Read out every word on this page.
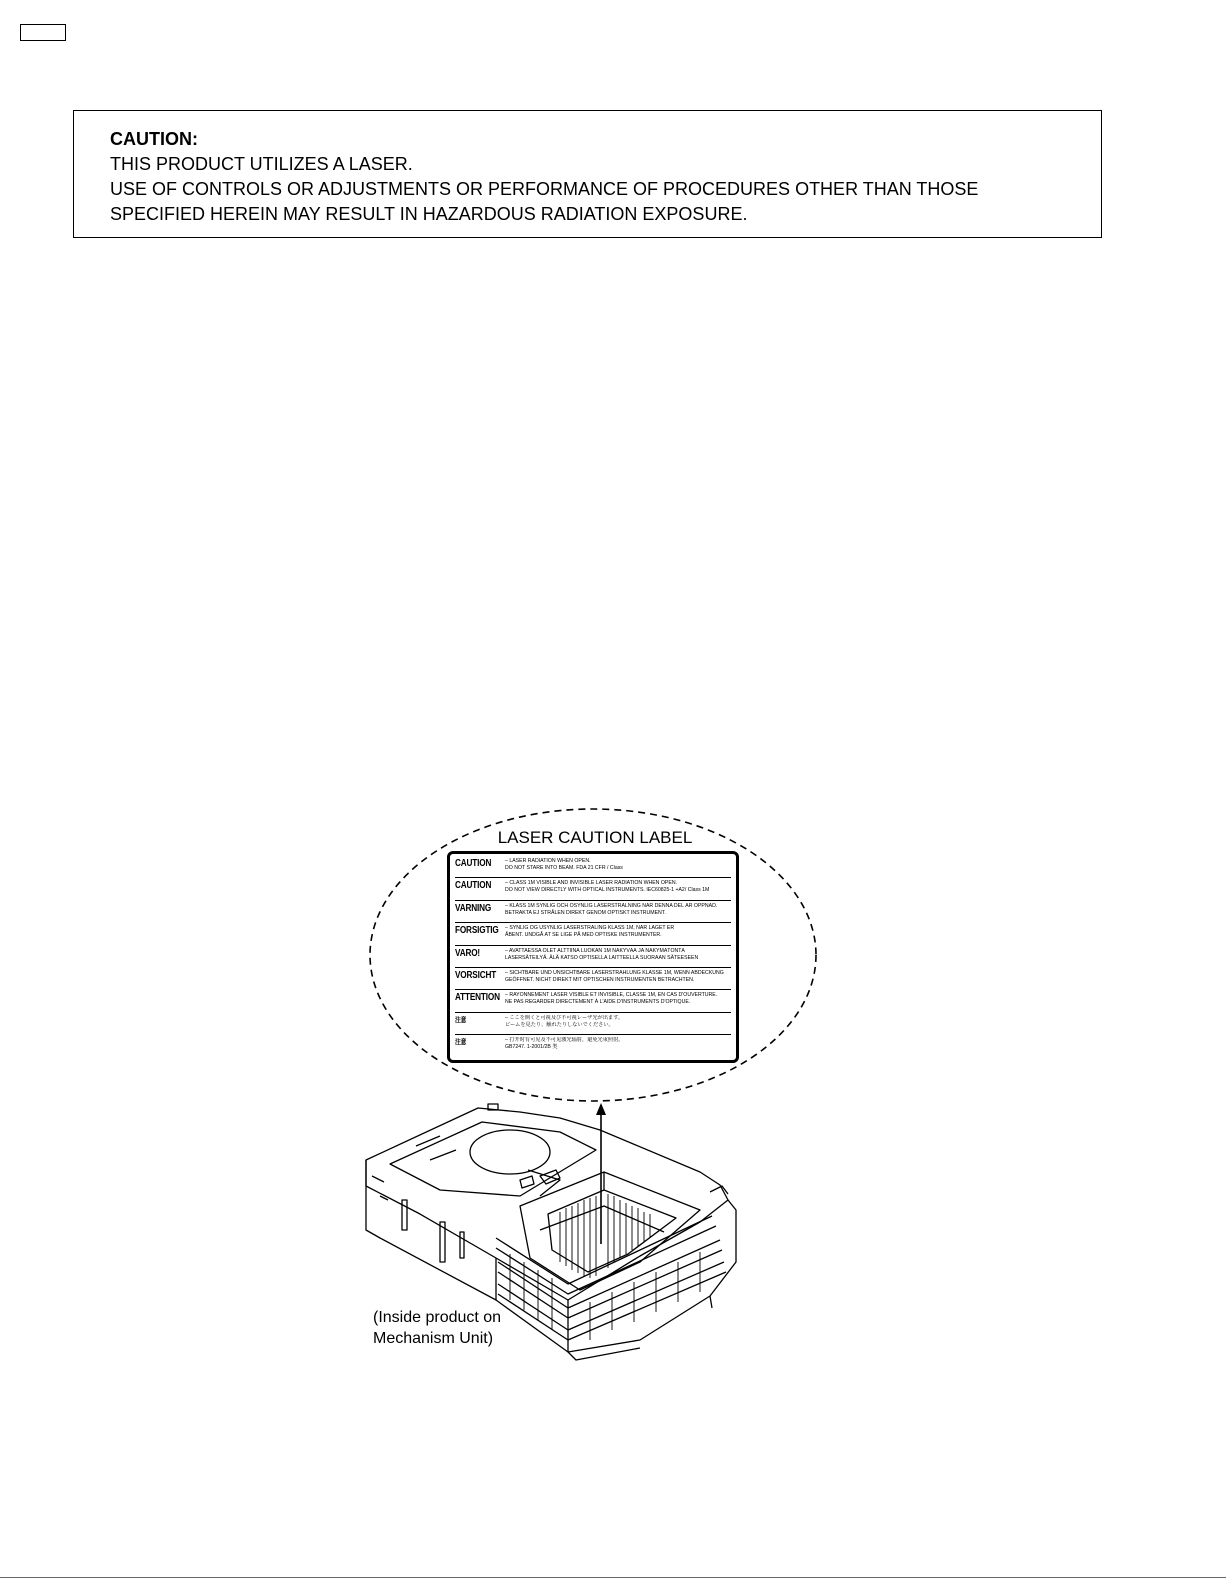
CAUTION:
THIS PRODUCT UTILIZES A LASER.
USE OF CONTROLS OR ADJUSTMENTS OR PERFORMANCE OF PROCEDURES OTHER THAN THOSE
SPECIFIED HEREIN MAY RESULT IN HAZARDOUS RADIATION EXPOSURE.
LASER CAUTION LABEL
CAUTION	– LASER RADIATION WHEN OPEN.
DO NOT STARE INTO BEAM. FDA 21 CFR / Class
CAUTION	– CLASS 1M VISIBLE AND INVISIBLE LASER RADIATION WHEN OPEN.
DO NOT VIEW DIRECTLY WITH OPTICAL INSTRUMENTS. IEC60825-1 +A2/ Class 1M
VARNING	– KLASS 1M SYNLIG OCH OSYNLIG LASERSTRÅLNING NÄR DENNA DEL ÄR ÖPPNAD.
BETRAKTA EJ STRÅLEN DIREKT GENOM OPTISKT INSTRUMENT.
FORSIGTIG – SYNLIG OG USYNLIG LASERSTRÅLING KLASS 1M, NÅR LÅGET ER
ÅBENT. UNDGÅ AT SE LIGE PÅ MED OPTISKE INSTRUMENTER.
VARO!	– AVATTAESSA OLET ALTTIINA LUOKAN 1M NÄKYVÄÄ JA NÄKYMÄTÖNTÄ
LASERSÄTEILYÄ. ÄLÄ KATSO OPTISELLA LAITTEELLA SUORAAN SÄTEESEEN
VORSICHT – SICHTBARE UND UNSICHTBARE LASERSTRAHLUNG KLASSE 1M, WENN ABDECKUNG
GEÖFFNET. NICHT DIREKT MIT OPTISCHEN INSTRUMENTEN BETRACHTEN.
ATTENTION – RAYONNEMENT LASER VISIBLE ET INVISIBLE, CLASSE 1M, EN CAS D'OUVERTURE.
NE PAS REGARDER DIRECTEMENT À L'AIDE D'INSTRUMENTS D'OPTIQUE.
注意	– ここを開くと可視及び不可視レーザ光が出ます。
ビームを見たり、触れたりしないでください。
注意	– 打开时有可见及不可见激光辐射，避免光束照射。
GB7247. 1-2001/2B 类
(Inside product on
Mechanism Unit)
